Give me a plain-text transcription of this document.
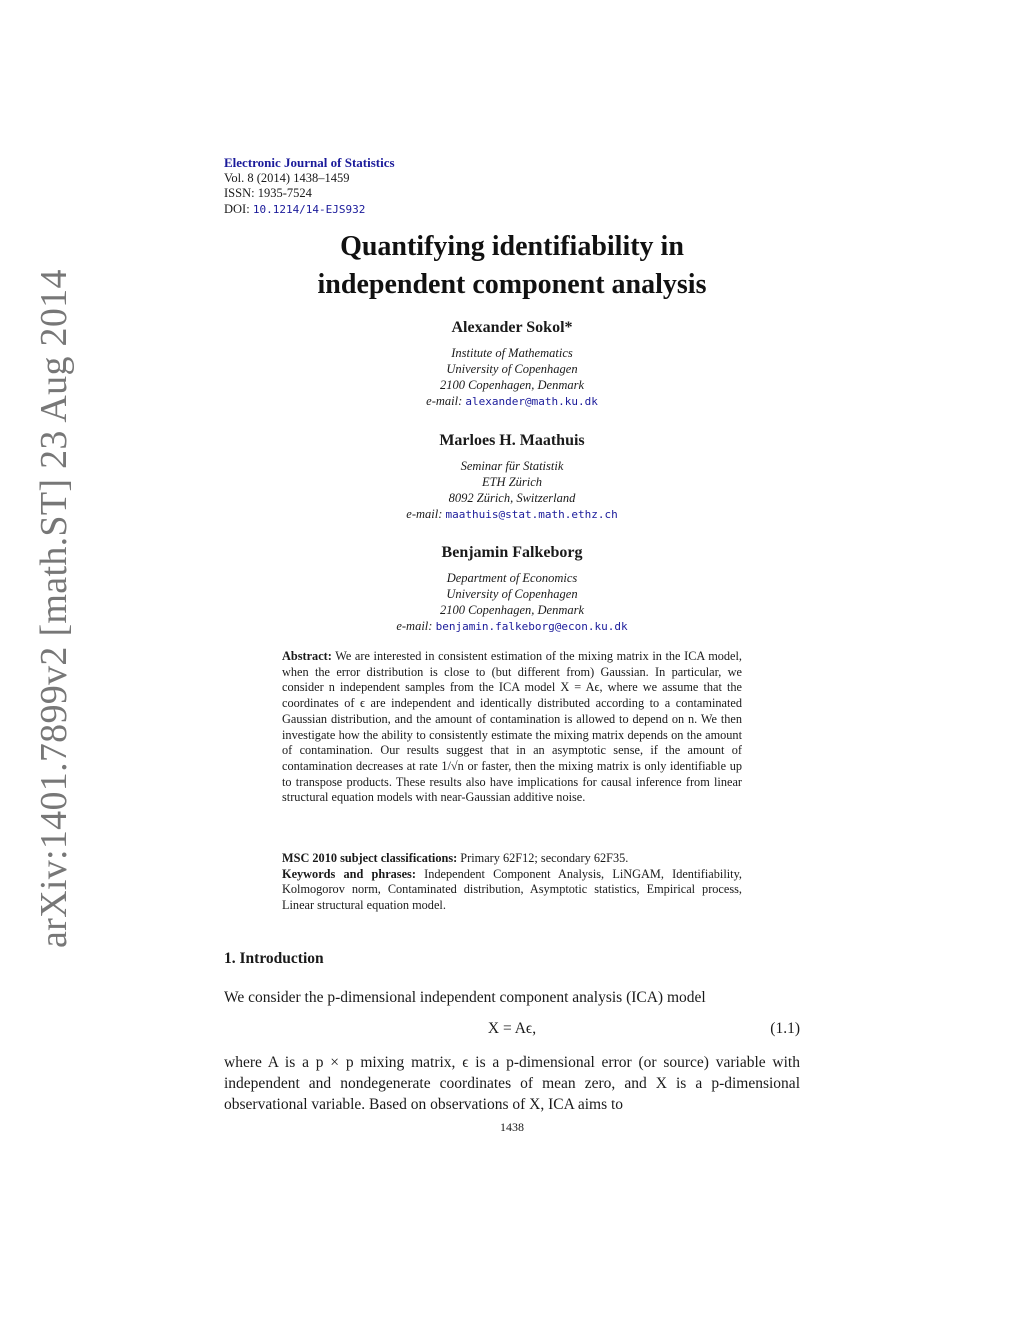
arXiv:1401.7899v2 [math.ST] 23 Aug 2014
Electronic Journal of Statistics
Vol. 8 (2014) 1438–1459
ISSN: 1935-7524
DOI: 10.1214/14-EJS932
Quantifying identifiability in
independent component analysis
Alexander Sokol*
Institute of Mathematics
University of Copenhagen
2100 Copenhagen, Denmark
e-mail: alexander@math.ku.dk
Marloes H. Maathuis
Seminar für Statistik
ETH Zürich
8092 Zürich, Switzerland
e-mail: maathuis@stat.math.ethz.ch
Benjamin Falkeborg
Department of Economics
University of Copenhagen
2100 Copenhagen, Denmark
e-mail: benjamin.falkeborg@econ.ku.dk
Abstract: We are interested in consistent estimation of the mixing matrix in the ICA model, when the error distribution is close to (but different from) Gaussian. In particular, we consider n independent samples from the ICA model X = Aϵ, where we assume that the coordinates of ϵ are independent and identically distributed according to a contaminated Gaussian distribution, and the amount of contamination is allowed to depend on n. We then investigate how the ability to consistently estimate the mixing matrix depends on the amount of contamination. Our results suggest that in an asymptotic sense, if the amount of contamination decreases at rate 1/√n or faster, then the mixing matrix is only identifiable up to transpose products. These results also have implications for causal inference from linear structural equation models with near-Gaussian additive noise.
MSC 2010 subject classifications: Primary 62F12; secondary 62F35.
Keywords and phrases: Independent Component Analysis, LiNGAM, Identifiability, Kolmogorov norm, Contaminated distribution, Asymptotic statistics, Empirical process, Linear structural equation model.
1. Introduction
We consider the p-dimensional independent component analysis (ICA) model
X = Aϵ,	(1.1)
where A is a p × p mixing matrix, ϵ is a p-dimensional error (or source) variable with independent and nondegenerate coordinates of mean zero, and X is a p-dimensional observational variable. Based on observations of X, ICA aims to
1438
